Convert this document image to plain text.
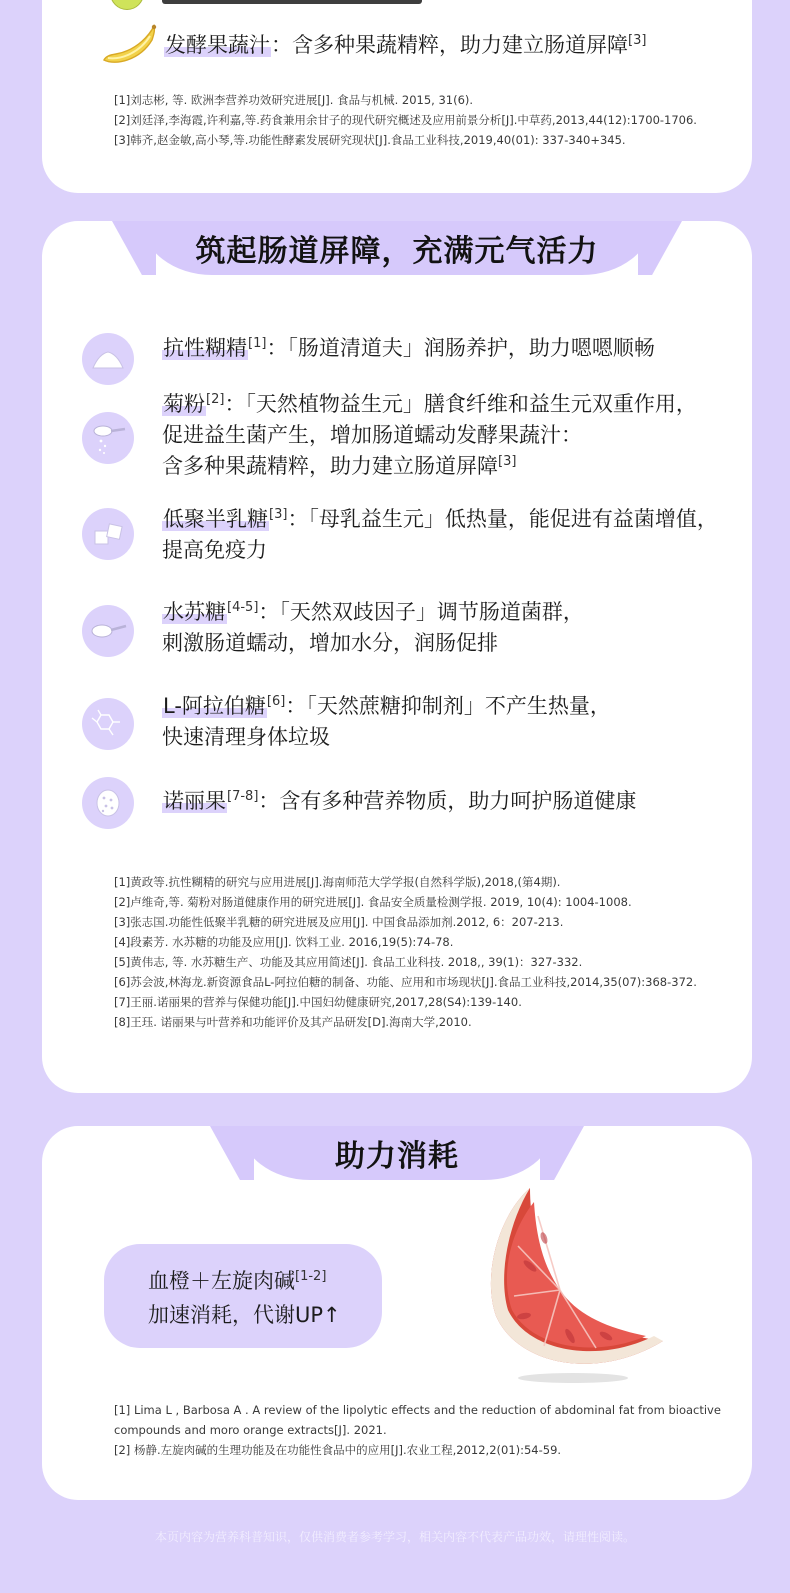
发酵果蔬汁：含多种果蔬精粹，助力建立肠道屏障[3]
[1]刘志彬, 等. 欧洲李营养功效研究进展[J]. 食品与机械. 2015, 31(6).
[2]刘廷泽,李海霞,许利嘉,等.药食兼用余甘子的现代研究概述及应用前景分析[J].中草药,2013,44(12):1700-1706.
[3]韩齐,赵金敏,高小琴,等.功能性酵素发展研究现状[J].食品工业科技,2019,40(01): 337-340+345.
筑起肠道屏障，充满元气活力
抗性糊精[1]：「肠道清道夫」润肠养护，助力嗯嗯顺畅
菊粉[2]：「天然植物益生元」膳食纤维和益生元双重作用，
促进益生菌产生，增加肠道蠕动发酵果蔬汁：
含多种果蔬精粹，助力建立肠道屏障[3]
低聚半乳糖[3]：「母乳益生元」低热量，能促进有益菌增值，
提高免疫力
水苏糖[4-5]：「天然双歧因子」调节肠道菌群，
刺激肠道蠕动，增加水分，润肠促排
L-阿拉伯糖[6]：「天然蔗糖抑制剂」不产生热量，
快速清理身体垃圾
诺丽果[7-8]：含有多种营养物质，助力呵护肠道健康
[1]黄政等.抗性糊精的研究与应用进展[J].海南师范大学学报(自然科学版),2018,(第4期).
[2]卢维奇,等. 菊粉对肠道健康作用的研究进展[J]. 食品安全质量检测学报. 2019, 10(4): 1004-1008.
[3]张志国.功能性低聚半乳糖的研究进展及应用[J]. 中国食品添加剂.2012, 6：207-213.
[4]段素芳. 水苏糖的功能及应用[J]. 饮料工业. 2016,19(5):74-78.
[5]黄伟志, 等. 水苏糖生产、功能及其应用简述[J]. 食品工业科技. 2018,, 39(1)：327-332.
[6]苏会波,林海龙.新资源食品L-阿拉伯糖的制备、功能、应用和市场现状[J].食品工业科技,2014,35(07):368-372.
[7]王丽.诺丽果的营养与保健功能[J].中国妇幼健康研究,2017,28(S4):139-140.
[8]王珏. 诺丽果与叶营养和功能评价及其产品研发[D].海南大学,2010.
助力消耗
血橙＋左旋肉碱[1-2]
加速消耗，代谢UP↑
[1] Lima L , Barbosa A . A review of the lipolytic eﬀects and the reduction of abdominal fat from bioactive
compounds and moro orange extracts[J]. 2021.
[2] 杨静.左旋肉碱的生理功能及在功能性食品中的应用[J].农业工程,2012,2(01):54-59.
本页内容为营养科普知识，仅供消费者参考学习，相关内容不代表产品功效，请理性阅读。
